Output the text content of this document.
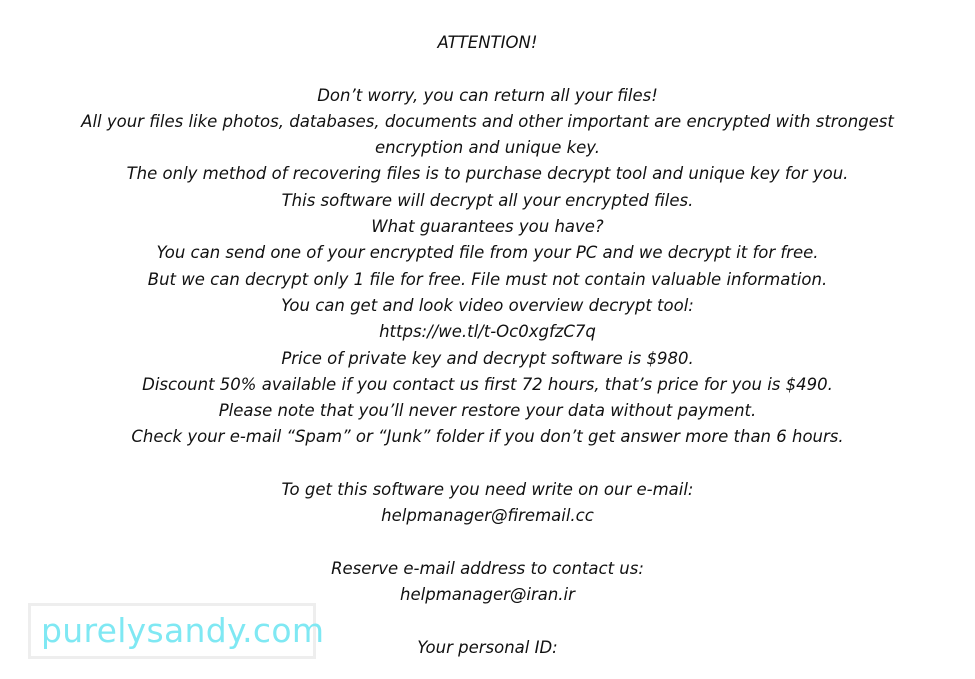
ATTENTION!
Don’t worry, you can return all your files!
All your files like photos, databases, documents and other important are encrypted with strongest encryption and unique key.
The only method of recovering files is to purchase decrypt tool and unique key for you.
This software will decrypt all your encrypted files.
What guarantees you have?
You can send one of your encrypted file from your PC and we decrypt it for free.
But we can decrypt only 1 file for free. File must not contain valuable information.
You can get and look video overview decrypt tool:
https://we.tl/t-Oc0xgfzC7q
Price of private key and decrypt software is $980.
Discount 50% available if you contact us first 72 hours, that’s price for you is $490.
Please note that you’ll never restore your data without payment.
Check your e-mail “Spam” or “Junk” folder if you don’t get answer more than 6 hours.
To get this software you need write on our e-mail:
helpmanager@firemail.cc
Reserve e-mail address to contact us:
helpmanager@iran.ir
Your personal ID:
purelysandy.com
